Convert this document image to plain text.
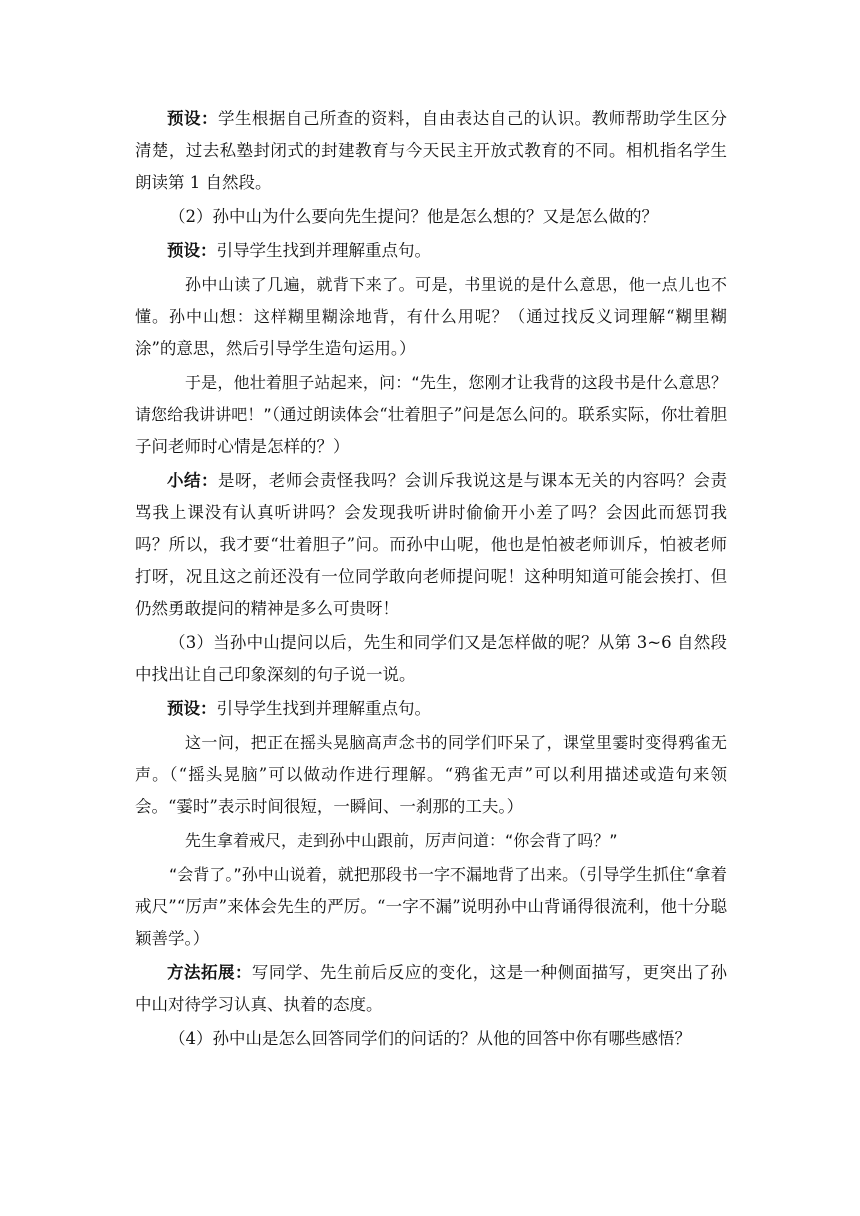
预设：学生根据自己所查的资料，自由表达自己的认识。教师帮助学生区分清楚，过去私塾封闭式的封建教育与今天民主开放式教育的不同。相机指名学生朗读第 1 自然段。

（2）孙中山为什么要向先生提问？他是怎么想的？又是怎么做的？

预设：引导学生找到并理解重点句。

孙中山读了几遍，就背下来了。可是，书里说的是什么意思，他一点儿也不懂。孙中山想：这样糊里糊涂地背，有什么用呢？（通过找反义词理解“糊里糊涂”的意思，然后引导学生造句运用。）

于是，他壮着胆子站起来，问：“先生，您刚才让我背的这段书是什么意思？请您给我讲讲吧！”（通过朗读体会“壮着胆子”问是怎么问的。联系实际，你壮着胆子问老师时心情是怎样的？）

小结：是呀，老师会责怪我吗？会训斥我说这是与课本无关的内容吗？会责骂我上课没有认真听讲吗？会发现我听讲时偷偷开小差了吗？会因此而惩罚我吗？所以，我才要“壮着胆子”问。而孙中山呢，他也是怕被老师训斥，怕被老师打呀，况且这之前还没有一位同学敢向老师提问呢！这种明知道可能会挨打、但仍然勇敢提问的精神是多么可贵呀！

（3）当孙中山提问以后，先生和同学们又是怎样做的呢？从第 3~6 自然段中找出让自己印象深刻的句子说一说。

预设：引导学生找到并理解重点句。

这一问，把正在摇头晃脑高声念书的同学们吓呆了，课堂里霎时变得鸦雀无声。（“摇头晃脑”可以做动作进行理解。“鸦雀无声”可以利用描述或造句来领会。“霎时”表示时间很短，一瞬间、一刹那的工夫。）

先生拿着戒尺，走到孙中山跟前，厉声问道：“你会背了吗？”

“会背了。”孙中山说着，就把那段书一字不漏地背了出来。（引导学生抓住“拿着戒尺”“厉声”来体会先生的严厉。“一字不漏”说明孙中山背诵得很流利，他十分聪颖善学。）

方法拓展：写同学、先生前后反应的变化，这是一种侧面描写，更突出了孙中山对待学习认真、执着的态度。

（4）孙中山是怎么回答同学们的问话的？从他的回答中你有哪些感悟？
